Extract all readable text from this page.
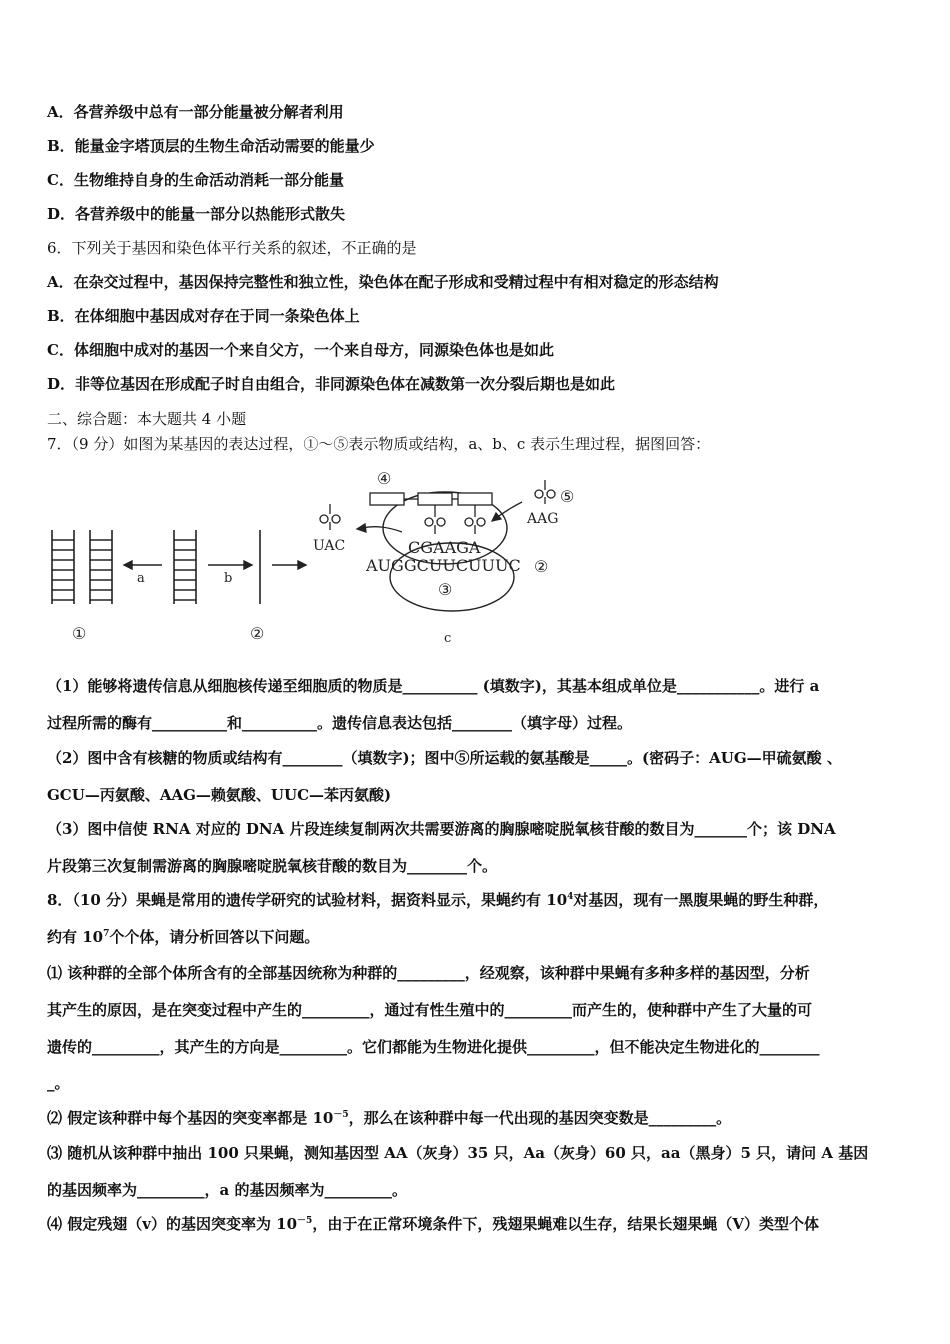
A．各营养级中总有一部分能量被分解者利用
B．能量金字塔顶层的生物生命活动需要的能量少
C．生物维持自身的生命活动消耗一部分能量
D．各营养级中的能量一部分以热能形式散失
6．下列关于基因和染色体平行关系的叙述，不正确的是
A．在杂交过程中，基因保持完整性和独立性，染色体在配子形成和受精过程中有相对稳定的形态结构
B．在体细胞中基因成对存在于同一条染色体上
C．体细胞中成对的基因一个来自父方，一个来自母方，同源染色体也是如此
D．非等位基因在形成配子时自由组合，非同源染色体在减数第一次分裂后期也是如此
二、综合题：本大题共 4 小题
7．（9 分）如图为某基因的表达过程，①～⑤表示物质或结构，a、b、c 表示生理过程，据图回答：
a	b
④
UAC
⑤
AAG
CGAAGA
AUGGCUUCUUUC ②
③
①	②	c
（1）能够将遗传信息从细胞核传递至细胞质的物质是__________ (填数字)，其基本组成单位是___________。进行 a
过程所需的酶有__________和__________。遗传信息表达包括________（填字母）过程。
（2）图中含有核糖的物质或结构有________（填数字)；图中⑤所运载的氨基酸是_____。(密码子：AUG—甲硫氨酸 、
GCU—丙氨酸、AAG—赖氨酸、UUC—苯丙氨酸)
（3）图中信使 RNA 对应的 DNA 片段连续复制两次共需要游离的胸腺嘧啶脱氧核苷酸的数目为_______个；该 DNA
片段第三次复制需游离的胸腺嘧啶脱氧核苷酸的数目为________个。
8．（10 分）果蝇是常用的遗传学研究的试验材料，据资料显示，果蝇约有 $10^4$对基因，现有一黑腹果蝇的野生种群，
约有 $10^7$个个体，请分析回答以下问题。
⑴ 该种群的全部个体所含有的全部基因统称为种群的_________，经观察，该种群中果蝇有多种多样的基因型，分析
其产生的原因，是在突变过程中产生的_________，通过有性生殖中的_________而产生的，使种群中产生了大量的可
遗传的_________，其产生的方向是_________。它们都能为生物进化提供_________，但不能决定生物进化的________
_。
⑵ 假定该种群中每个基因的突变率都是 $10^{-5}$，那么在该种群中每一代出现的基因突变数是_________。
⑶ 随机从该种群中抽出 100 只果蝇，测知基因型 AA（灰身）35 只，Aa（灰身）60 只，aa（黑身）5 只，请问 A 基因
的基因频率为_________，a 的基因频率为_________。
⑷ 假定残翅（v）的基因突变率为 $10^{-5}$，由于在正常环境条件下，残翅果蝇难以生存，结果长翅果蝇（V）类型个体
